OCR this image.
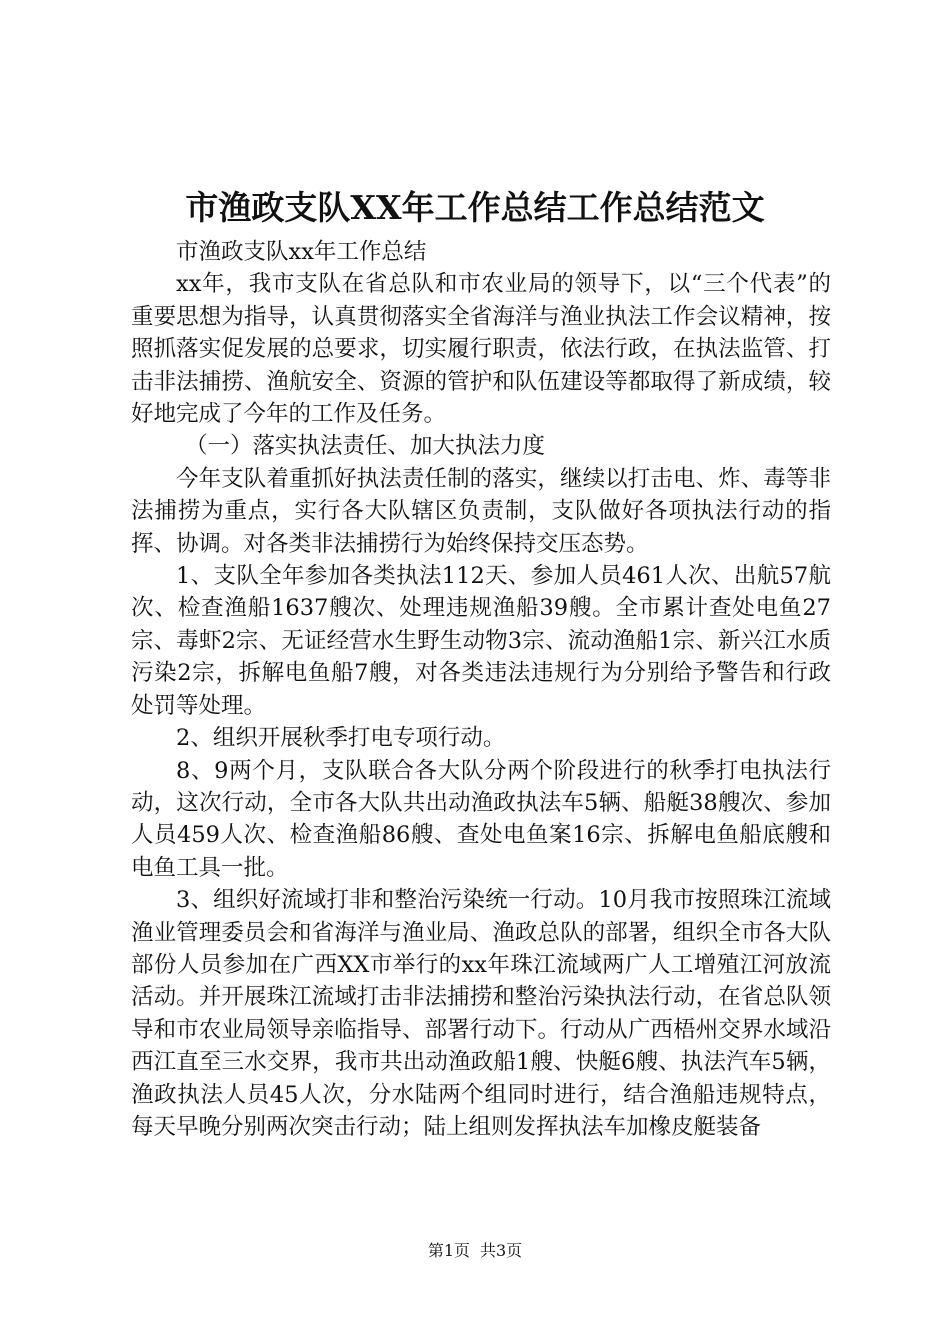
市渔政支队XX年工作总结工作总结范文

市渔政支队xx年工作总结

xx年，我市支队在省总队和市农业局的领导下，以“三个代表”的重要思想为指导，认真贯彻落实全省海洋与渔业执法工作会议精神，按照抓落实促发展的总要求，切实履行职责，依法行政，在执法监管、打击非法捕捞、渔航安全、资源的管护和队伍建设等都取得了新成绩，较好地完成了今年的工作及任务。

（一）落实执法责任、加大执法力度

今年支队着重抓好执法责任制的落实，继续以打击电、炸、毒等非法捕捞为重点，实行各大队辖区负责制，支队做好各项执法行动的指挥、协调。对各类非法捕捞行为始终保持交压态势。

1、支队全年参加各类执法112天、参加人员461人次、出航57航次、检查渔船1637艘次、处理违规渔船39艘。全市累计查处电鱼27宗、毒虾2宗、无证经营水生野生动物3宗、流动渔船1宗、新兴江水质污染2宗，拆解电鱼船7艘，对各类违法违规行为分别给予警告和行政处罚等处理。

2、组织开展秋季打电专项行动。

8、9两个月，支队联合各大队分两个阶段进行的秋季打电执法行动，这次行动，全市各大队共出动渔政执法车5辆、船艇38艘次、参加人员459人次、检查渔船86艘、查处电鱼案16宗、拆解电鱼船底艘和电鱼工具一批。

3、组织好流域打非和整治污染统一行动。10月我市按照珠江流域渔业管理委员会和省海洋与渔业局、渔政总队的部署，组织全市各大队部份人员参加在广西XX市举行的xx年珠江流域两广人工增殖江河放流活动。并开展珠江流域打击非法捕捞和整治污染执法行动，在省总队领导和市农业局领导亲临指导、部署行动下。行动从广西梧州交界水域沿西江直至三水交界，我市共出动渔政船1艘、快艇6艘、执法汽车5辆，渔政执法人员45人次，分水陆两个组同时进行，结合渔船违规特点，每天早晚分别两次突击行动；陆上组则发挥执法车加橡皮艇装备

第1页 共3页
